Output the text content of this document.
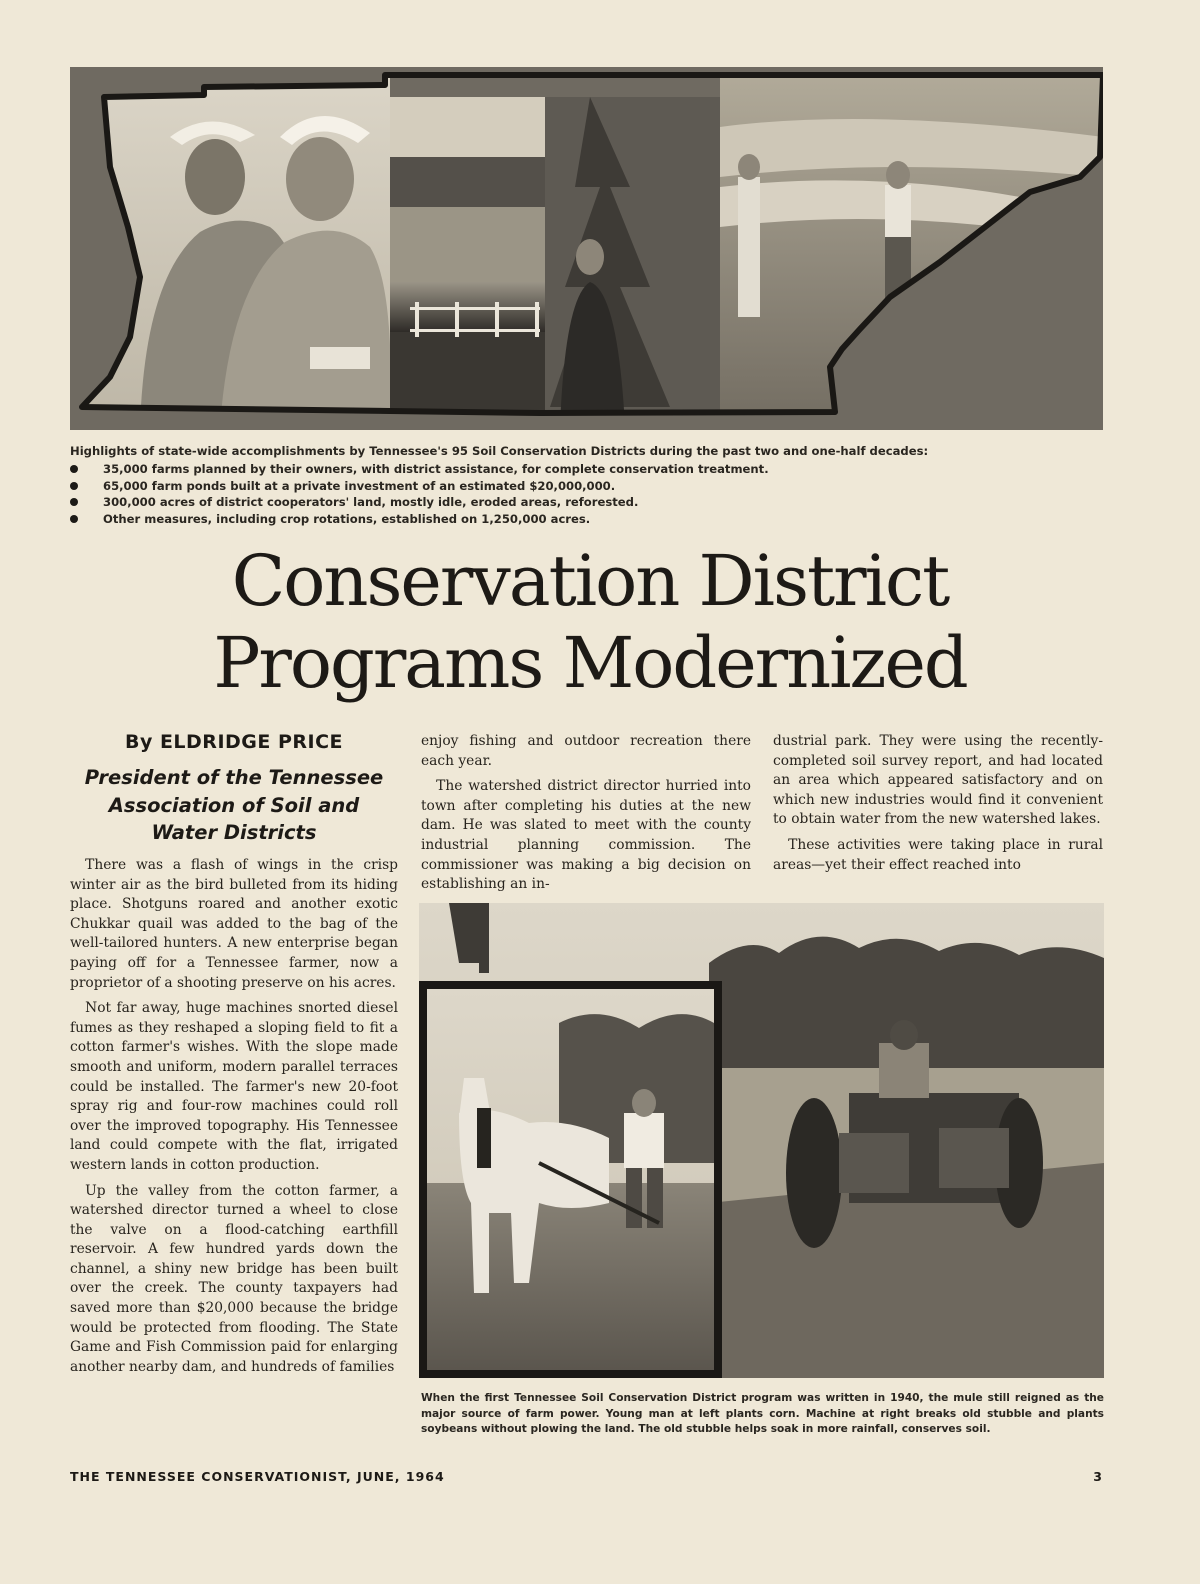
Highlights of state-wide accomplishments by Tennessee's 95 Soil Conservation Districts during the past two and one-half decades:

35,000 farms planned by their owners, with district assistance, for complete conservation treatment.
65,000 farm ponds built at a private investment of an estimated $20,000,000.
300,000 acres of district cooperators' land, mostly idle, eroded areas, reforested.
Other measures, including crop rotations, established on 1,250,000 acres.
Conservation District
Programs Modernized
By ELDRIDGE PRICE
President of the Tennessee
Association of Soil and
Water Districts

There was a flash of wings in the crisp winter air as the bird bulleted from its hiding place. Shotguns roared and another exotic Chukkar quail was added to the bag of the well-tailored hunters. A new enterprise began paying off for a Tennessee farmer, now a proprietor of a shooting preserve on his acres.

Not far away, huge machines snorted diesel fumes as they reshaped a sloping field to fit a cotton farmer's wishes. With the slope made smooth and uniform, modern parallel terraces could be installed. The farmer's new 20-foot spray rig and four-row machines could roll over the improved topography. His Tennessee land could compete with the flat, irrigated western lands in cotton production.

Up the valley from the cotton farmer, a watershed director turned a wheel to close the valve on a flood-catching earthfill reservoir. A few hundred yards down the channel, a shiny new bridge has been built over the creek. The county taxpayers had saved more than $20,000 because the bridge would be protected from flooding. The State Game and Fish Commission paid for enlarging another nearby dam, and hundreds of families

enjoy fishing and outdoor recreation there each year.

The watershed district director hurried into town after completing his duties at the new dam. He was slated to meet with the county industrial planning commission. The commissioner was making a big decision on establishing an in-

dustrial park. They were using the recently-completed soil survey report, and had located an area which appeared satisfactory and on which new industries would find it convenient to obtain water from the new watershed lakes.

These activities were taking place in rural areas—yet their effect reached into

When the first Tennessee Soil Conservation District program was written in 1940, the mule still reigned as the major source of farm power. Young man at left plants corn. Machine at right breaks old stubble and plants soybeans without plowing the land. The old stubble helps soak in more rainfall, conserves soil.

THE TENNESSEE CONSERVATIONIST, JUNE, 1964	3
